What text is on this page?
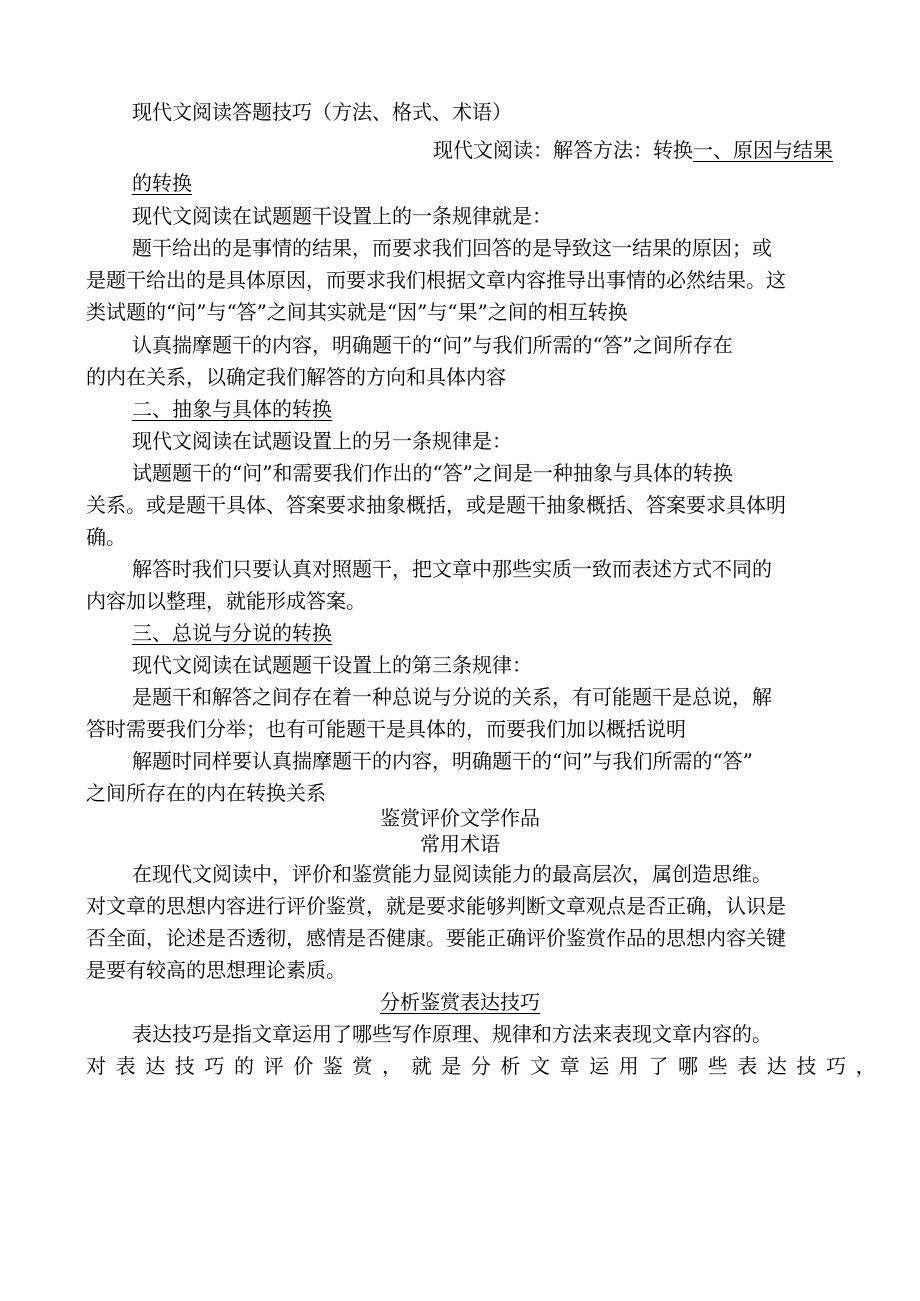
现代文阅读答题技巧（方法、格式、术语）
现代文阅读：解答方法：转换一、原因与结果
的转换
现代文阅读在试题题干设置上的一条规律就是：
题干给出的是事情的结果，而要求我们回答的是导致这一结果的原因；或
是题干给出的是具体原因，而要求我们根据文章内容推导出事情的必然结果。这
类试题的“问”与“答”之间其实就是“因”与“果”之间的相互转换
认真揣摩题干的内容，明确题干的“问”与我们所需的“答”之间所存在
的内在关系，以确定我们解答的方向和具体内容
二、抽象与具体的转换
现代文阅读在试题设置上的另一条规律是：
试题题干的“问”和需要我们作出的“答”之间是一种抽象与具体的转换
关系。或是题干具体、答案要求抽象概括，或是题干抽象概括、答案要求具体明
确。
解答时我们只要认真对照题干，把文章中那些实质一致而表述方式不同的
内容加以整理，就能形成答案。
三、总说与分说的转换
现代文阅读在试题题干设置上的第三条规律：
是题干和解答之间存在着一种总说与分说的关系，有可能题干是总说，解
答时需要我们分举；也有可能题干是具体的，而要我们加以概括说明
解题时同样要认真揣摩题干的内容，明确题干的“问”与我们所需的“答”
之间所存在的内在转换关系
鉴赏评价文学作品
常用术语
在现代文阅读中，评价和鉴赏能力显阅读能力的最高层次，属创造思维。
对文章的思想内容进行评价鉴赏，就是要求能够判断文章观点是否正确，认识是
否全面，论述是否透彻，感情是否健康。要能正确评价鉴赏作品的思想内容关键
是要有较高的思想理论素质。
分析鉴赏表达技巧
表达技巧是指文章运用了哪些写作原理、规律和方法来表现文章内容的。
对表达技巧的评价鉴赏，就是分析文章运用了哪些表达技巧，
